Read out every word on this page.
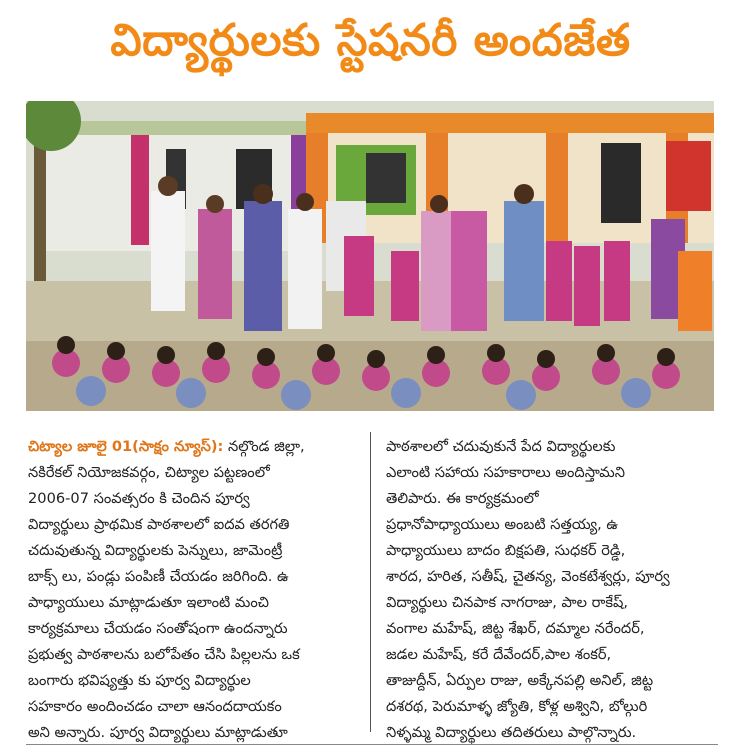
విద్యార్థులకు స్టేషనరీ అందజేత
చిట్యాల జూలై 01(సాక్షం న్యూస్): నల్గొండ జిల్లా,
నకిరేకల్ నియోజకవర్గం, చిట్యాల పట్టణంలో
2006-07 సంవత్సరం కి చెందిన పూర్వ
విద్యార్థులు ప్రాథమిక పాఠశాలలో ఐదవ తరగతి
చదువుతున్న విద్యార్థులకు పెన్నులు, జామెంట్రీ
బాక్స్ లు, పండ్లు పంపిణీ చేయడం జరిగింది. ఉ
పాధ్యాయులు మాట్లాడుతూ ఇలాంటి మంచి
కార్యక్రమాలు చేయడం సంతోషంగా ఉందన్నారు
ప్రభుత్వ పాఠశాలను బలోపేతం చేసి పిల్లలను ఒక
బంగారు భవిష్యత్తు కు పూర్వ విద్యార్థుల
సహకారం అందించడం చాలా ఆనందదాయకం
అని అన్నారు. పూర్వ విద్యార్థులు మాట్లాడుతూ
పాఠశాలలో చదువుకునే పేద విద్యార్థులకు
ఎలాంటి సహాయ సహకారాలు అందిస్తామని
తెలిపారు. ఈ కార్యక్రమంలో
ప్రధానోపాధ్యాయులు అంబటి సత్తయ్య, ఉ
పాధ్యాయులు బాదం బిక్షపతి, సుధకర్ రెడ్డి,
శారద, హరిత, సతీష్, చైతన్య, వెంకటేశ్వర్లు, పూర్వ
విద్యార్థులు చినపాక నాగరాజు, పాల రాకేష్,
వంగాల మహేష్, జిట్ట శేఖర్, దమ్మాల నరేందర్,
జడల మహేష్, కరే దేవేందర్,పాల శంకర్,
తాజుద్దీన్, ఏర్పుల రాజు, అక్కేనపల్లి అనిల్, జిట్ట
దశరథ, పెరుమాళ్ళ జ్యోతి, కోళ్ల అశ్విని, బోల్గురి
నిళ్ళమ్మ విద్యార్థులు తదితరులు పాల్గొన్నారు.
